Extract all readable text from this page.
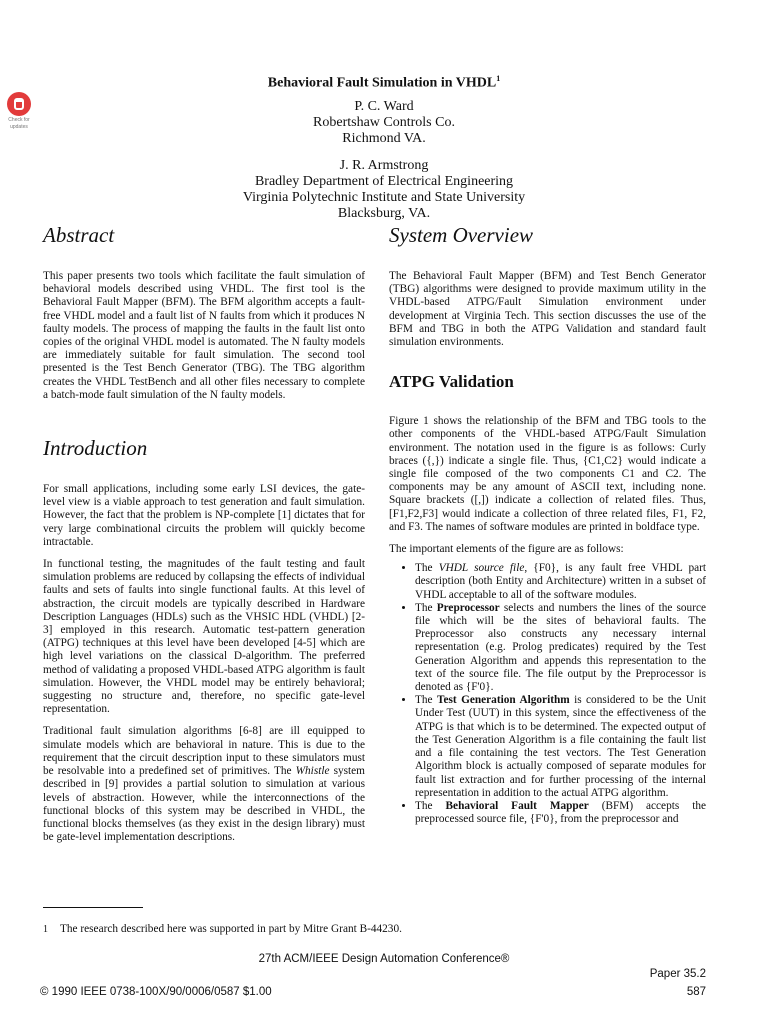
Check for
updates
Behavioral Fault Simulation in VHDL$^1$
P. C. Ward
Robertshaw Controls Co.
Richmond VA.
J. R. Armstrong
Bradley Department of Electrical Engineering
Virginia Polytechnic Institute and State University
Blacksburg, VA.
Abstract

This paper presents two tools which facilitate the fault simulation of behavioral models described using VHDL. The first tool is the Behavioral Fault Mapper (BFM). The BFM algorithm accepts a fault-free VHDL model and a fault list of N faults from which it produces N faulty models. The process of mapping the faults in the fault list onto copies of the original VHDL model is automated. The N faulty models are immediately suitable for fault simulation. The second tool presented is the Test Bench Generator (TBG). The TBG algorithm creates the VHDL TestBench and all other files necessary to complete a batch-mode fault simulation of the N faulty models.

Introduction

For small applications, including some early LSI devices, the gate-level view is a viable approach to test generation and fault simulation. However, the fact that the problem is NP-complete [1] dictates that for very large combinational circuits the problem will quickly become intractable.

In functional testing, the magnitudes of the fault testing and fault simulation problems are reduced by collapsing the effects of individual faults and sets of faults into single functional faults. At this level of abstraction, the circuit models are typically described in Hardware Description Languages (HDLs) such as the VHSIC HDL (VHDL) [2-3] employed in this research. Automatic test-pattern generation (ATPG) techniques at this level have been developed [4-5] which are high level variations on the classical D-algorithm. The preferred method of validating a proposed VHDL-based ATPG algorithm is fault simulation. However, the VHDL model may be entirely behavioral; suggesting no structure and, therefore, no specific gate-level representation.

Traditional fault simulation algorithms [6-8] are ill equipped to simulate models which are behavioral in nature. This is due to the requirement that the circuit description input to these simulators must be resolvable into a predefined set of primitives. The Whistle system described in [9] provides a partial solution to simulation at various levels of abstraction. However, while the interconnections of the functional blocks of this system may be described in VHDL, the functional blocks themselves (as they exist in the design library) must be gate-level implementation descriptions.

System Overview

The Behavioral Fault Mapper (BFM) and Test Bench Generator (TBG) algorithms were designed to provide maximum utility in the VHDL-based ATPG/Fault Simulation environment under development at Virginia Tech. This section discusses the use of the BFM and TBG in both the ATPG Validation and standard fault simulation environments.

ATPG Validation

Figure 1 shows the relationship of the BFM and TBG tools to the other components of the VHDL-based ATPG/Fault Simulation environment. The notation used in the figure is as follows: Curly braces ({,}) indicate a single file. Thus, {C1,C2} would indicate a single file composed of the two components C1 and C2. The components may be any amount of ASCII text, including none. Square brackets ([,]) indicate a collection of related files. Thus, [F1,F2,F3] would indicate a collection of three related files, F1, F2, and F3. The names of software modules are printed in boldface type.

The important elements of the figure are as follows:

• The VHDL source file, {F0}, is any fault free VHDL part description (both Entity and Architecture) written in a subset of VHDL acceptable to all of the software modules.
• The Preprocessor selects and numbers the lines of the source file which will be the sites of behavioral faults. The Preprocessor also constructs any necessary internal representation (e.g. Prolog predicates) required by the Test Generation Algorithm and appends this representation to the text of the source file. The file output by the Preprocessor is denoted as {F'0}.
• The Test Generation Algorithm is considered to be the Unit Under Test (UUT) in this system, since the effectiveness of the ATPG is that which is to be determined. The expected output of the Test Generation Algorithm is a file containing the fault list and a file containing the test vectors. The Test Generation Algorithm block is actually composed of separate modules for fault list extraction and for further processing of the internal representation in addition to the actual ATPG algorithm.
• The Behavioral Fault Mapper (BFM) accepts the preprocessed source file, {F'0}, from the preprocessor and
1 The research described here was supported in part by Mitre Grant B-44230.
27th ACM/IEEE Design Automation Conference®
Paper 35.2
587
© 1990 IEEE 0738-100X/90/0006/0587 $1.00
